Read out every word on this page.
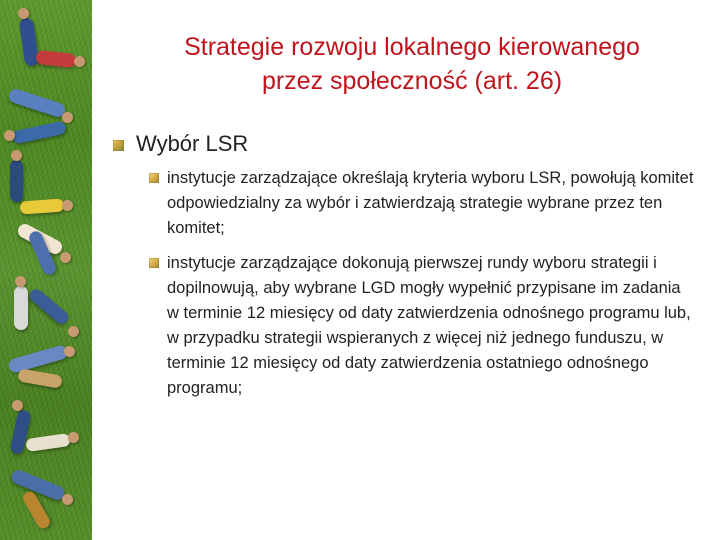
Strategie rozwoju lokalnego kierowanego
przez społeczność (art. 26)
Wybór LSR
instytucje zarządzające określają kryteria wyboru LSR, powołują komitet odpowiedzialny za wybór i zatwierdzają strategie wybrane przez ten komitet;
instytucje zarządzające dokonują pierwszej rundy wyboru strategii i dopilnowują, aby wybrane LGD mogły wypełnić przypisane im zadania w terminie 12 miesięcy od daty zatwierdzenia odnośnego programu lub, w przypadku strategii wspieranych z więcej niż jednego funduszu, w terminie 12 miesięcy od daty zatwierdzenia ostatniego odnośnego programu;
